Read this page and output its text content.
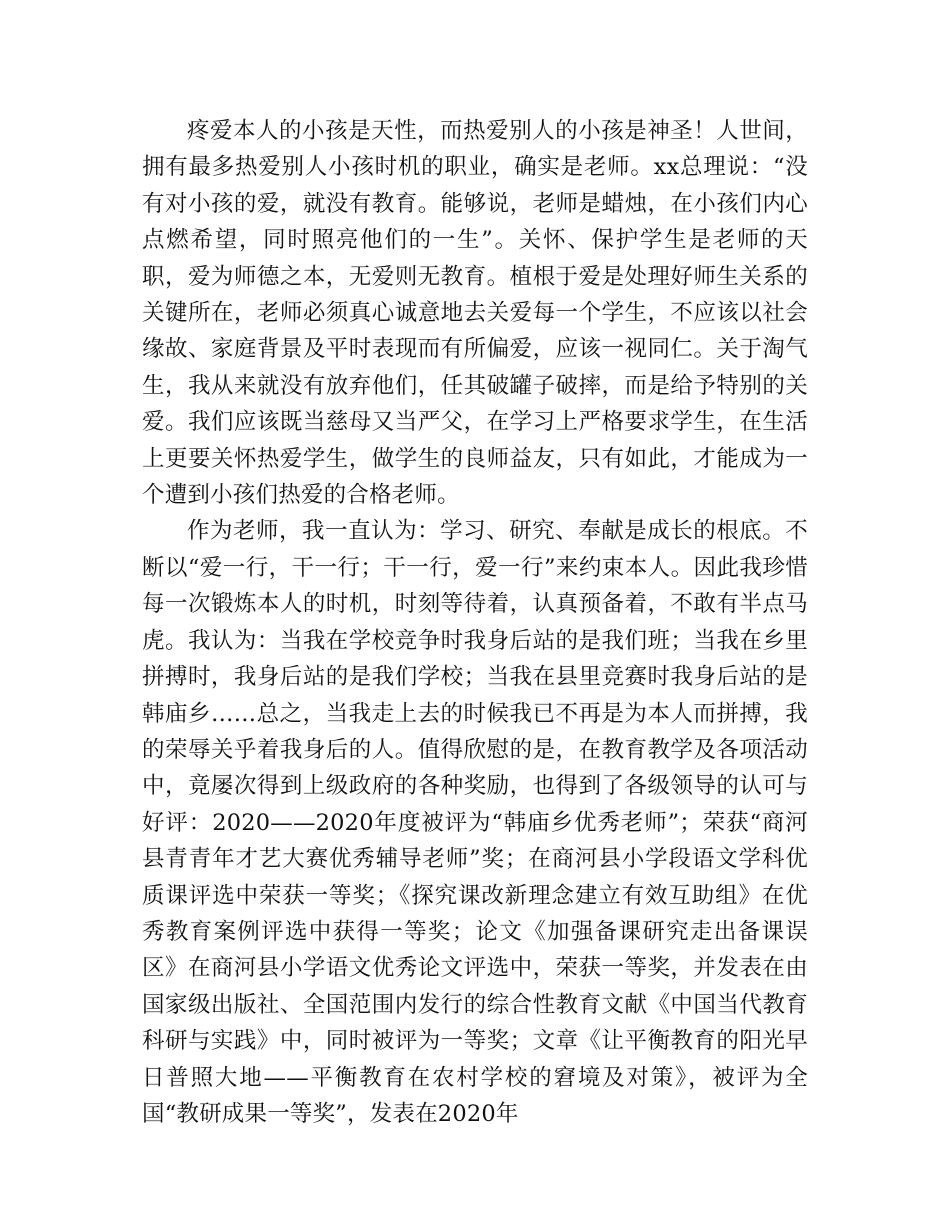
疼爱本人的小孩是天性，而热爱别人的小孩是神圣！人世间，拥有最多热爱别人小孩时机的职业，确实是老师。xx总理说：“没有对小孩的爱，就没有教育。能够说，老师是蜡烛，在小孩们内心点燃希望，同时照亮他们的一生”。关怀、保护学生是老师的天职，爱为师德之本，无爱则无教育。植根于爱是处理好师生关系的关键所在，老师必须真心诚意地去关爱每一个学生，不应该以社会缘故、家庭背景及平时表现而有所偏爱，应该一视同仁。关于淘气生，我从来就没有放弃他们，任其破罐子破摔，而是给予特别的关爱。我们应该既当慈母又当严父，在学习上严格要求学生，在生活上更要关怀热爱学生，做学生的良师益友，只有如此，才能成为一个遭到小孩们热爱的合格老师。

作为老师，我一直认为：学习、研究、奉献是成长的根底。不断以“爱一行，干一行；干一行，爱一行”来约束本人。因此我珍惜每一次锻炼本人的时机，时刻等待着，认真预备着，不敢有半点马虎。我认为：当我在学校竞争时我身后站的是我们班；当我在乡里拼搏时，我身后站的是我们学校；当我在县里竞赛时我身后站的是韩庙乡……总之，当我走上去的时候我已不再是为本人而拼搏，我的荣辱关乎着我身后的人。值得欣慰的是，在教育教学及各项活动中，竟屡次得到上级政府的各种奖励，也得到了各级领导的认可与好评：2020——2020年度被评为“韩庙乡优秀老师”；荣获“商河县青青年才艺大赛优秀辅导老师”奖；在商河县小学段语文学科优质课评选中荣获一等奖；《探究课改新理念建立有效互助组》在优秀教育案例评选中获得一等奖；论文《加强备课研究走出备课误区》在商河县小学语文优秀论文评选中，荣获一等奖，并发表在由国家级出版社、全国范围内发行的综合性教育文献《中国当代教育科研与实践》中，同时被评为一等奖；文章《让平衡教育的阳光早日普照大地——平衡教育在农村学校的窘境及对策》，被评为全国“教研成果一等奖”，发表在2020年
